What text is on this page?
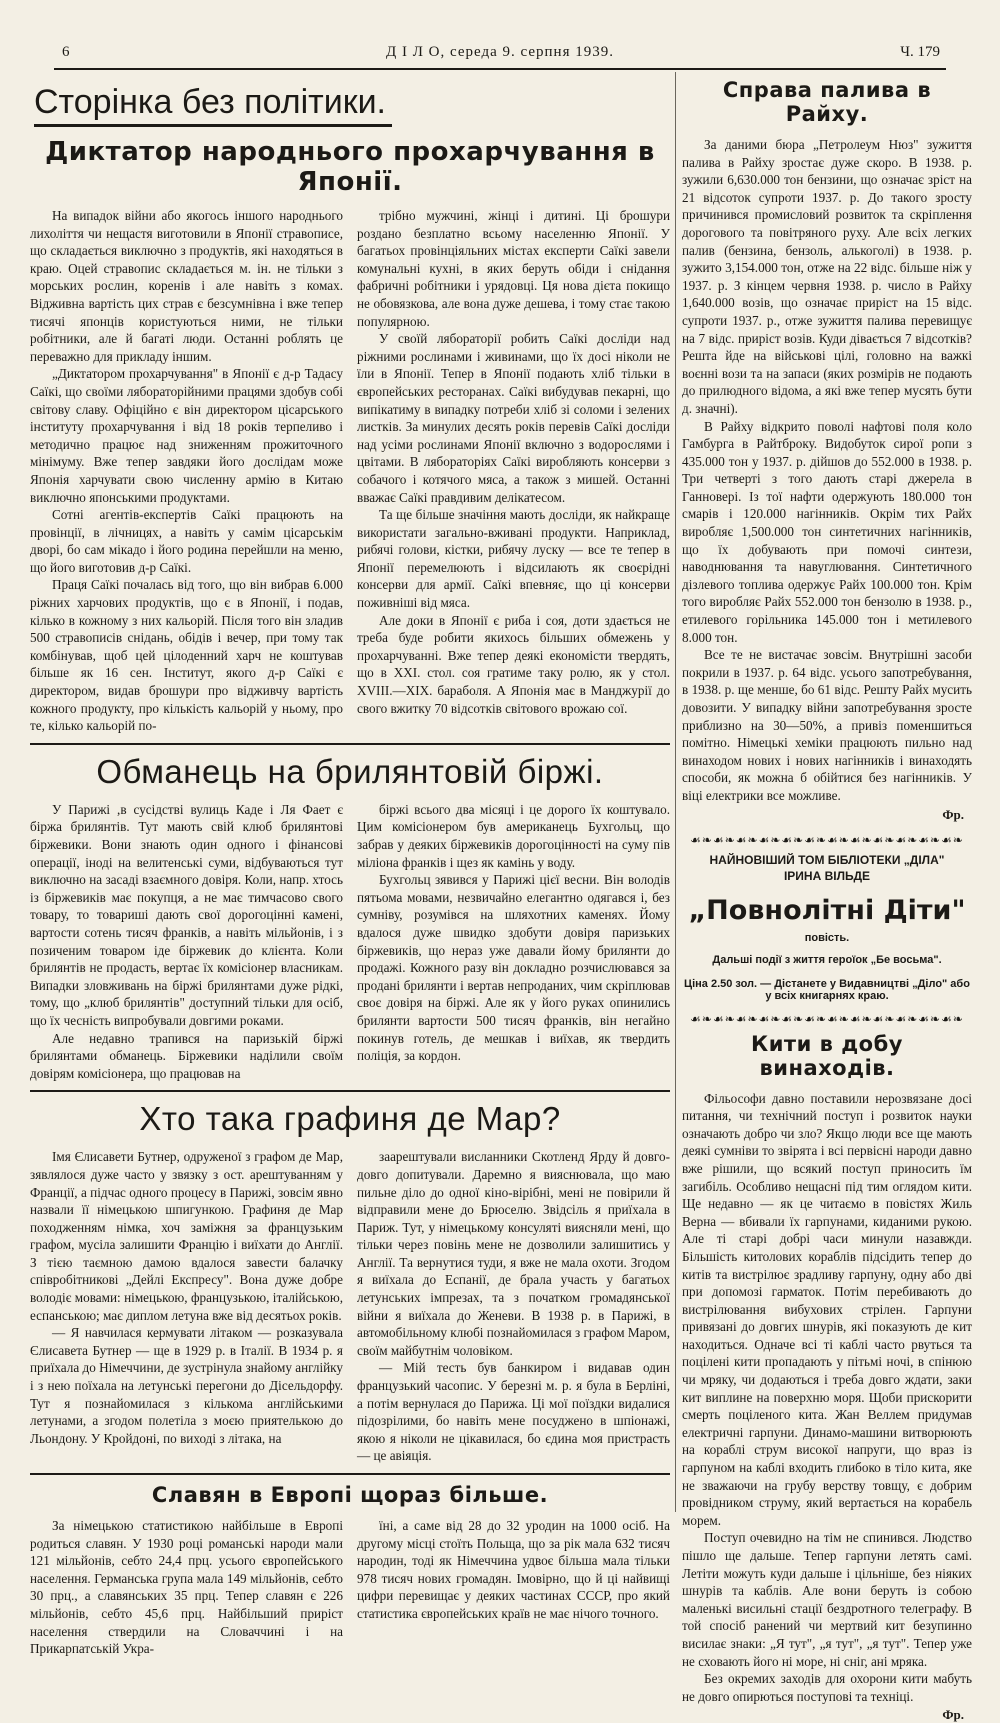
6	Д І Л О, середа 9. серпня 1939.	Ч. 179
Сторінка без політики.
Диктатор народнього прохарчування в Японії.

На випадок війни або якогось іншого народнього лихоліття чи нещастя виготовили в Японії стравописе, що складається виключно з продуктів, які находяться в краю. Оцей стравопис складається м. ін. не тільки з морських рослин, коренів і але навіть з комах. Відживна вартість цих страв є безсумнівна і вже тепер тисячі японців користуються ними, не тільки робітники, але й багаті люди. Останні роблять це переважно для прикладу іншим.

„Диктатором прохарчування" в Японії є д-р Тадасу Саїкі, що своїми лябораторійними працями здобув собі світову славу. Офіційно є він директором цісарського інституту прохарчування і від 18 років терпеливо і методично працює над зниженням прожиточного мінімуму. Вже тепер завдяки його дослідам може Японія харчувати свою численну армію в Китаю виключно японськими продуктами.

Сотні агентів-експертів Саїкі працюють на провінції, в лічницях, а навіть у самім цісарськім дворі, бо сам мікадо і його родина перейшли на меню, що його виготовив д-р Саїкі.

Праця Саїкі почалась від того, що він вибрав 6.000 ріжних харчових продуктів, що є в Японії, і подав, кілько в кожному з них кальорій. Після того він зладив 500 стравописів снідань, обідів і вечер, при тому так комбінував, щоб цей цілоденний харч не коштував більше як 16 сен. Інститут, якого д-р Саїкі є директором, видав брошури про відживчу вартість кожного продукту, про кількість кальорій у ньому, про те, кілько кальорій по-

трібно мужчині, жінці і дитині. Ці брошури роздано безплатно всьому населенню Японії. У багатьох провінціяльних містах експерти Саїкі завели комунальні кухні, в яких беруть обіди і снідання фабричні робітники і урядовці. Ця нова дієта покищо не обовязкова, але вона дуже дешева, і тому стає такою популярною.

У своїй лябораторії робить Саїкі досліди над ріжними рослинами і живинами, що їх досі ніколи не їли в Японії. Тепер в Японії подають хліб тільки в європейських ресторанах. Саїкі вибудував пекарні, що випікатиму в випадку потреби хліб зі соломи і зелених листків. За минулих десять років перевів Саїкі досліди над усіми рослинами Японії включно з водорослями і цвітами. В лябораторіях Саїкі виробляють консерви з собачого і котячого мяса, а також з мишей. Останні вважає Саїкі правдивим делікатесом.

Та ще більше значіння мають досліди, як найкраще використати загально-вживані продукти. Наприклад, рибячі голови, кістки, рибячу луску — все те тепер в Японії перемелюють і відсилають як своєрідні консерви для армії. Саїкі впевняє, що ці консерви поживніші від мяса.

Але доки в Японії є риба і соя, доти здається не треба буде робити якихось більших обмежень у прохарчуванні. Вже тепер деякі економісти твердять, що в XXI. стол. соя гратиме таку ролю, як у стол. XVIII.—XIX. бараболя. А Японія має в Манджурії до свого вжитку 70 відсотків світового врожаю сої.

Обманець на брилянтовій біржі.

У Парижі ,в сусідстві вулиць Каде і Ля Фает є біржа брилянтів. Тут мають свій клюб брилянтові біржевики. Вони знають один одного і фінансові операції, іноді на велитенські суми, відбуваються тут виключно на засаді взаємного довіря. Коли, напр. хтось із біржевиків має покупця, а не має тимчасово свого товару, то товариші дають свої дорогоцінні камені, вартости сотень тисяч франків, а навіть мільйонів, і з позиченим товаром іде біржевик до клієнта. Коли брилянтів не продасть, вертає їх комісіонер власникам. Випадки зловживань на біржі брилянтами дуже рідкі, тому, що „клюб брилянтів" доступний тільки для осіб, що їх чесність випробували довгими роками.

Але недавно трапився на паризькій біржі брилянтами обманець. Біржевики наділили своїм довірям комісіонера, що працював на

біржі всього два місяці і це дорого їх коштувало. Цим комісіонером був американець Бухгольц, що забрав у деяких біржевиків дорогоцінності на суму пів міліона франків і щез як камінь у воду.

Бухгольц зявився у Парижі цієї весни. Він володів пятьома мовами, незвичайно елегантно одягався і, без сумніву, розумівся на шляхотних каменях. Йому вдалося дуже швидко здобути довіря паризьких біржевиків, що нераз уже давали йому брилянти до продажі. Кожного разу він докладно розчислювався за продані брилянти і вертав непроданих, чим скріплював своє довіря на біржі. Але як у його руках опинились брилянти вартости 500 тисяч франків, він негайно покинув готель, де мешкав і виїхав, як твердить поліція, за кордон.

Хто така графиня де Мар?

Імя Єлисавети Бутнер, одруженої з графом де Мар, зявлялося дуже часто у звязку з ост. арештуванням у Франції, а підчас одного процесу в Парижі, зовсім явно назвали її німецькою шпигункою. Графиня де Мар походженням німка, хоч заміжня за французьким графом, мусіла залишити Францію і виїхати до Англії. З тією таємною дамою вдалося завести балачку співробітникові „Дейлі Експресу". Вона дуже добре володіє мовами: німецькою, французькою, італійською, еспанською; має диплом летуна вже від десятьох років.

— Я навчилася кермувати літаком — розказувала Єлисавета Бутнер — ще в 1929 р. в Італії. В 1934 р. я приїхала до Німеччини, де зустрінула знайому англійку і з нею поїхала на летунські перегони до Дісельдорфу. Тут я познайомилася з кількома англійськими летунами, а згодом полетіла з моєю приятелькою до Льондону. У Кройдоні, по виході з літака, на

заарештували висланники Скотленд Ярду й довго-довго допитували. Даремно я вияснювала, що маю пильне діло до одної кіно-вірібні, мені не повірили й відправили мене до Брюселю. Звідсіль я приїхала в Париж. Тут, у німецькому консуляті виясняли мені, що тільки через повінь мене не дозволили залишитись у Англії. Та вернутися туди, я вже не мала охоти. Згодом я виїхала до Еспанії, де брала участь у багатьох летунських імпрезах, та з початком громадянської війни я виїхала до Женеви. В 1938 р. в Парижі, в автомобільному клюбі познайомилася з графом Маром, своїм майбутнім чоловіком.

— Мій тесть був банкиром і видавав один французький часопис. У березні м. р. я була в Берліні, а потім вернулася до Парижа. Ці мої поїздки видалися підозрілими, бо навіть мене посуджено в шпіонажі, якою я ніколи не цікавилася, бо єдина моя пристрасть — це авіяція.

Славян в Европі щораз більше.

За німецькою статистикою найбільше в Европі родиться славян. У 1930 році романські народи мали 121 мільйонів, себто 24,4 прц. усього європейського населення. Германська група мала 149 мільйонів, себто 30 прц., а славянських 35 прц. Тепер славян є 226 мільйонів, себто 45,6 прц. Найбільший приріст населення ствердили на Словаччині і на Прикарпатській Укра-

їні, а саме від 28 до 32 уродин на 1000 осіб. На другому місці стоїть Польща, що за рік мала 632 тисяч народин, тоді як Німеччина удвоє більша мала тільки 978 тисяч нових громадян. Імовірно, що й ці найвищі цифри перевищає у деяких частинах СССР, про який статистика європейських країв не має нічого точного.

Справа палива в Райху.

За даними бюра „Петролеум Нюз" зужиття палива в Райху зростає дуже скоро. В 1938. р. зужили 6,630.000 тон бензини, що означає зріст на 21 відсоток супроти 1937. р. До такого зросту причинився промисловий розвиток та скріплення дорогового та повітряного руху. Але всіх легких палив (бензина, бензоль, алькоголі) в 1938. р. зужито 3,154.000 тон, отже на 22 відс. більше ніж у 1937. р. З кінцем червня 1938. р. число в Райху 1,640.000 возів, що означає приріст на 15 відс. супроти 1937. р., отже зужиття палива перевищує на 7 відс. приріст возів. Куди дівається 7 відсотків? Решта йде на військові цілі, головно на важкі воєнні вози та на запаси (яких розмірів не подають до прилюдного відома, а які вже тепер мусять бути д. значні).

В Райху відкрито поволі нафтові поля коло Гамбурга в Райтброку. Видобуток сирої ропи з 435.000 тон у 1937. р. дійшов до 552.000 в 1938. р. Три четверті з того дають старі джерела в Ганновері. Із тої нафти одержують 180.000 тон смарів і 120.000 нагінників. Окрім тих Райх виробляє 1,500.000 тон синтетичних нагінників, що їх добувають при помочі синтези, наводнювання та навуглювання. Синтетичного дізлевого топлива одержує Райх 100.000 тон. Крім того виробляє Райх 552.000 тон бензолю в 1938. р., етилевого горільника 145.000 тон і метилевого 8.000 тон.

Все те не вистачає зовсім. Внутрішні засоби покрили в 1937. р. 64 відс. усього запотребування, в 1938. р. ще менше, бо 61 відс. Решту Райх мусить довозити. У випадку війни запотребування зросте приблизно на 30—50%, а привіз поменшиться помітно. Німецькі хеміки працюють пильно над винаходом нових і нових нагінників і винаходять способи, як можна б обійтися без нагінників. У віці електрики все можливе.

Фр.
☙❧☙❧☙❧☙❧☙❧☙❧☙❧☙❧☙❧☙❧☙❧☙❧
НАЙНОВІШИЙ ТОМ БІБЛІОТЕКИ „ДІЛА"
ІРИНА ВІЛЬДЕ
„Повнолітні Діти"
повість.
Дальші події з життя героїок „Бе восьма".
Ціна 2.50 зол. — Дістанете у Видавництві „Діло" або
у всіх книгарнях краю.
☙❧☙❧☙❧☙❧☙❧☙❧☙❧☙❧☙❧☙❧☙❧☙❧
Кити в добу винаходів.

Фільософи давно поставили нерозвязане досі питання, чи технічний поступ і розвиток науки означають добро чи зло? Якщо люди все ще мають деякі сумніви то звірята і всі первісні народи давно вже рішили, що всякий поступ приносить їм загибіль. Особливо нещасні під тим оглядом кити. Ще недавно — як це читаємо в повістях Жиль Верна — вбивали їх гарпунами, киданими рукою. Але ті старі добрі часи минули назавжди. Більшість китолових кораблів підсідить тепер до китів та вистрілює зрадливу гарпуну, одну або дві при допомозі гарматок. Потім перебивають до вистрілювання вибухових стрілен. Гарпуни привязані до довгих шнурів, які показують де кит находиться. Одначе всі ті каблі часто рвуться та поцілені кити пропадають у пітьмі ночі, в спінюю чи мряку, чи додаються і треба довго ждати, заки кит виплине на поверхню моря. Щоби прискорити смерть поціленого кита. Жан Веллем придумав електричні гарпуни. Динамо-машини витворюють на кораблі струм високої напруги, що враз із гарпуном на каблі входить глибоко в тіло кита, яке не зважаючи на грубу верству товщу, є добрим провідником струму, який вертається на корабель морем.

Поступ очевидно на тім не спинився. Людство пішло ще дальше. Тепер гарпуни летять самі. Летіти можуть куди дальше і цільніше, без ніяких шнурів та каблів. Але вони беруть із собою маленькі висильні стації бездротного телеграфу. В той спосіб ранений чи мертвий кит безупинно висилає знаки: „Я тут", „я тут", „я тут". Тепер уже не сховають його ні море, ні сніг, ані мряка.

Без окремих заходів для охорони кити мабуть не довго опирються поступові та техніці.

Фр.
